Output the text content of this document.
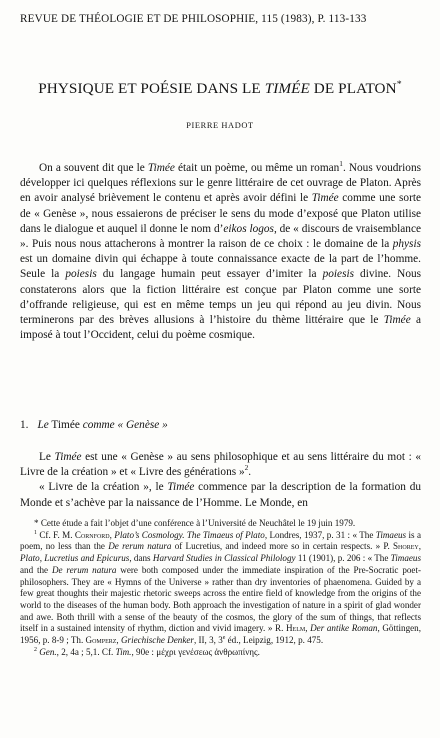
REVUE DE THÉOLOGIE ET DE PHILOSOPHIE, 115 (1983), P. 113-133
PHYSIQUE ET POÉSIE DANS LE TIMÉE DE PLATON*
PIERRE HADOT

On a souvent dit que le Timée était un poème, ou même un roman$^1$. Nous voudrions développer ici quelques réflexions sur le genre littéraire de cet ouvrage de Platon. Après en avoir analysé brièvement le contenu et après avoir défini le Timée comme une sorte de « Genèse », nous essaierons de préciser le sens du mode d’exposé que Platon utilise dans le dialogue et auquel il donne le nom d’eikos logos, de « discours de vraisemblance ». Puis nous nous attacherons à montrer la raison de ce choix : le domaine de la physis est un domaine divin qui échappe à toute connaissance exacte de la part de l’homme. Seule la poiesis du langage humain peut essayer d’imiter la poiesis divine. Nous constaterons alors que la fiction littéraire est conçue par Platon comme une sorte d’offrande religieuse, qui est en même temps un jeu qui répond au jeu divin. Nous terminerons par des brèves allusions à l’histoire du thème littéraire que le Timée a imposé à tout l’Occident, celui du poème cosmique.

1. Le Timée comme « Genèse »

Le Timée est une « Genèse » au sens philosophique et au sens littéraire du mot : « Livre de la création » et « Livre des générations »$^2$.

« Livre de la création », le Timée commence par la description de la formation du Monde et s’achève par la naissance de l’Homme. Le Monde, en

* Cette étude a fait l’objet d’une conférence à l’Université de Neuchâtel le 19 juin 1979.

$^1$ Cf. F. M. Cornford, Plato’s Cosmology. The Timaeus of Plato, Londres, 1937, p. 31 : « The Timaeus is a poem, no less than the De rerum natura of Lucretius, and indeed more so in certain respects. » P. Shorey, Plato, Lucretius and Epicurus, dans Harvard Studies in Classical Philology 11 (1901), p. 206 : « The Timaeus and the De rerum natura were both composed under the immediate inspiration of the Pre-Socratic poet-philosophers. They are « Hymns of the Universe » rather than dry inventories of phaenomena. Guided by a few great thoughts their majestic rhetoric sweeps across the entire field of knowledge from the origins of the world to the diseases of the human body. Both approach the investigation of nature in a spirit of glad wonder and awe. Both thrill with a sense of the beauty of the cosmos, the glory of the sum of things, that reflects itself in a sustained intensity of rhythm, diction and vivid imagery. » R. Helm, Der antike Roman, Göttingen, 1956, p. 8-9 ; Th. Gomperz, Griechische Denker, II, 3, 3e éd., Leipzig, 1912, p. 475.

$^2$ Gen., 2, 4a ; 5,1. Cf. Tim., 90e : μέχρι γενέσεως ἀνθρωπίνης.
